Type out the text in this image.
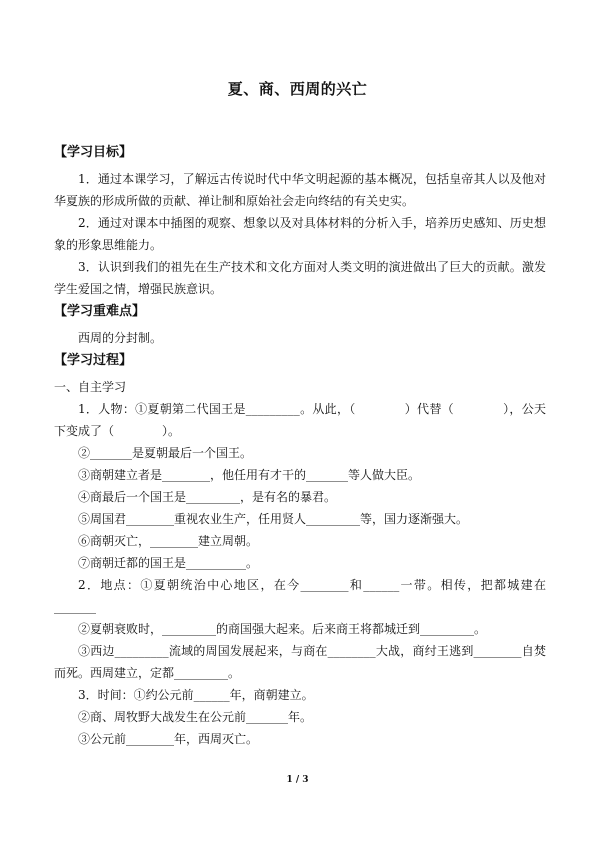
夏、商、西周的兴亡
【学习目标】

1．通过本课学习，了解远古传说时代中华文明起源的基本概况，包括皇帝其人以及他对华夏族的形成所做的贡献、禅让制和原始社会走向终结的有关史实。

2．通过对课本中插图的观察、想象以及对具体材料的分析入手，培养历史感知、历史想象的形象思维能力。

3．认识到我们的祖先在生产技术和文化方面对人类文明的演进做出了巨大的贡献。激发学生爱国之情，增强民族意识。

【学习重难点】

西周的分封制。

【学习过程】

一、自主学习

1．人物：①夏朝第二代国王是_________。从此，（　　　　）代替（　　　　），公天下变成了（　　　　）。

②_______是夏朝最后一个国王。

③商朝建立者是________，他任用有才干的_______等人做大臣。

④商最后一个国王是_________，是有名的暴君。

⑤周国君________重视农业生产，任用贤人_________等，国力逐渐强大。

⑥商朝灭亡，________建立周朝。

⑦商朝迁都的国王是__________。

2．地点：①夏朝统治中心地区，在今________和______一带。相传，把都城建在_______

②夏朝衰败时，_________的商国强大起来。后来商王将都城迁到_________。

③西边_________流域的周国发展起来，与商在________大战，商纣王逃到________自焚而死。西周建立，定都_________。

3．时间：①约公元前______年，商朝建立。

②商、周牧野大战发生在公元前_______年。

③公元前________年，西周灭亡。

1 / 3
